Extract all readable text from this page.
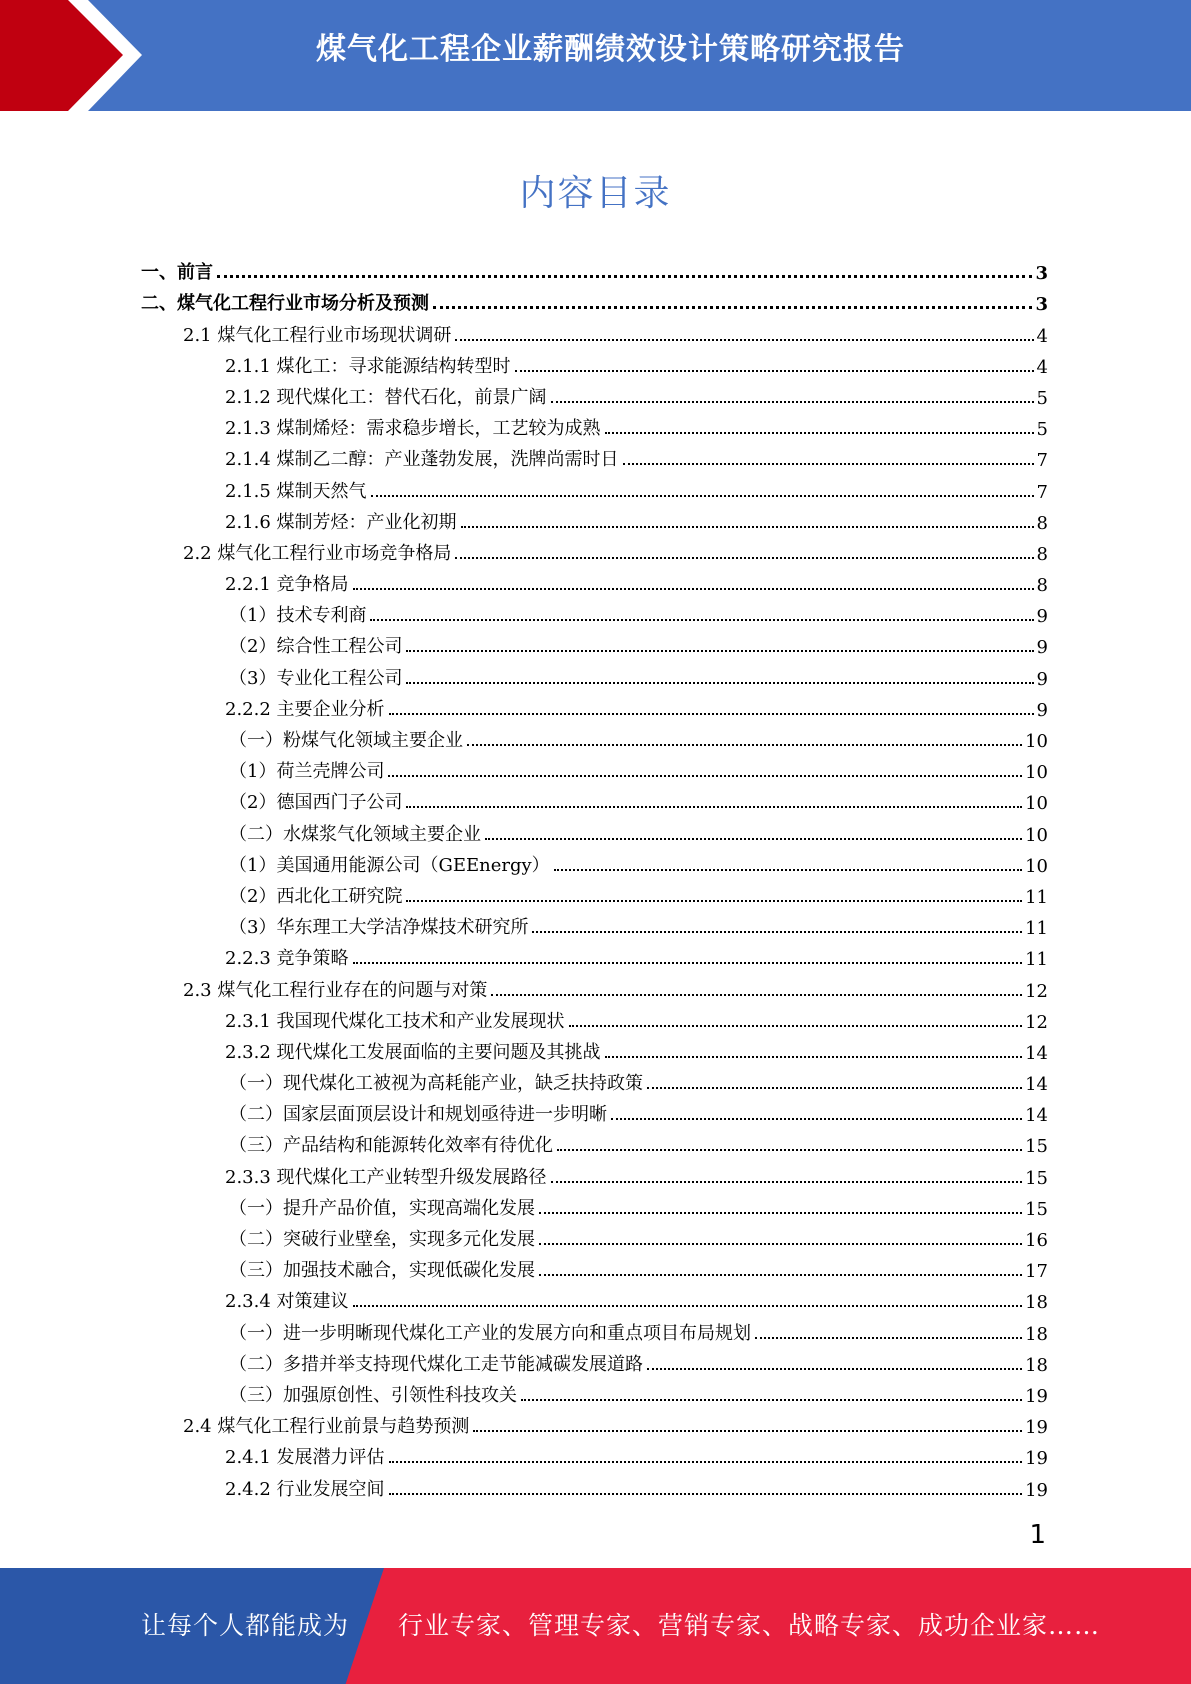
煤气化工程企业薪酬绩效设计策略研究报告
内容目录
一、前言	3
二、煤气化工程行业市场分析及预测	3
2.1 煤气化工程行业市场现状调研	4
2.1.1 煤化工：寻求能源结构转型时	4
2.1.2 现代煤化工：替代石化，前景广阔	5
2.1.3 煤制烯烃：需求稳步增长，工艺较为成熟	5
2.1.4 煤制乙二醇：产业蓬勃发展，洗牌尚需时日	7
2.1.5 煤制天然气	7
2.1.6 煤制芳烃：产业化初期	8
2.2 煤气化工程行业市场竞争格局	8
2.2.1 竞争格局	8
（1）技术专利商	9
（2）综合性工程公司	9
（3）专业化工程公司	9
2.2.2 主要企业分析	9
（一）粉煤气化领域主要企业	10
（1）荷兰壳牌公司	10
（2）德国西门子公司	10
（二）水煤浆气化领域主要企业	10
（1）美国通用能源公司（GEEnergy）	10
（2）西北化工研究院	11
（3）华东理工大学洁净煤技术研究所	11
2.2.3 竞争策略	11
2.3 煤气化工程行业存在的问题与对策	12
2.3.1 我国现代煤化工技术和产业发展现状	12
2.3.2 现代煤化工发展面临的主要问题及其挑战	14
（一）现代煤化工被视为高耗能产业，缺乏扶持政策	14
（二）国家层面顶层设计和规划亟待进一步明晰	14
（三）产品结构和能源转化效率有待优化	15
2.3.3 现代煤化工产业转型升级发展路径	15
（一）提升产品价值，实现高端化发展	15
（二）突破行业壁垒，实现多元化发展	16
（三）加强技术融合，实现低碳化发展	17
2.3.4 对策建议	18
（一）进一步明晰现代煤化工产业的发展方向和重点项目布局规划	18
（二）多措并举支持现代煤化工走节能减碳发展道路	18
（三）加强原创性、引领性科技攻关	19
2.4 煤气化工程行业前景与趋势预测	19
2.4.1 发展潜力评估	19
2.4.2 行业发展空间	19
1
让每个人都能成为 行业专家、管理专家、营销专家、战略专家、成功企业家……
